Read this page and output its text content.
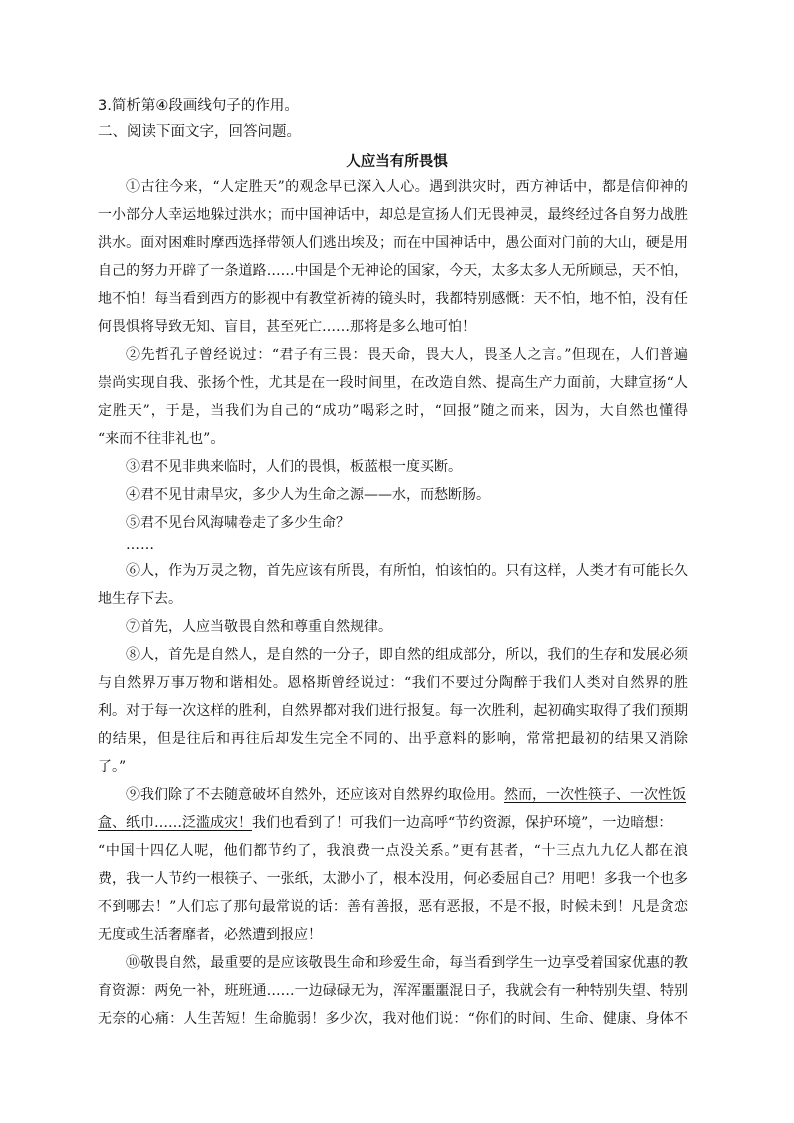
3.简析第④段画线句子的作用。
二、阅读下面文字，回答问题。
人应当有所畏惧
①古往今来，“人定胜天”的观念早已深入人心。遇到洪灾时，西方神话中，都是信仰神的
一小部分人幸运地躲过洪水；而中国神话中，却总是宣扬人们无畏神灵，最终经过各自努力战胜
洪水。面对困难时摩西选择带领人们逃出埃及；而在中国神话中，愚公面对门前的大山，硬是用
自己的努力开辟了一条道路……中国是个无神论的国家，今天，太多太多人无所顾忌，天不怕，
地不怕！每当看到西方的影视中有教堂祈祷的镜头时，我都特别感慨：天不怕，地不怕，没有任
何畏惧将导致无知、盲目，甚至死亡……那将是多么地可怕！
②先哲孔子曾经说过：“君子有三畏：畏天命，畏大人，畏圣人之言。”但现在，人们普遍
崇尚实现自我、张扬个性，尤其是在一段时间里，在改造自然、提高生产力面前，大肆宣扬“人
定胜天”，于是，当我们为自己的“成功”喝彩之时，“回报”随之而来，因为，大自然也懂得
“来而不往非礼也”。
③君不见非典来临时，人们的畏惧，板蓝根一度买断。
④君不见甘肃旱灾，多少人为生命之源——水，而愁断肠。
⑤君不见台风海啸卷走了多少生命？
……
⑥人，作为万灵之物，首先应该有所畏，有所怕，怕该怕的。只有这样，人类才有可能长久
地生存下去。
⑦首先，人应当敬畏自然和尊重自然规律。
⑧人，首先是自然人，是自然的一分子，即自然的组成部分，所以，我们的生存和发展必须
与自然界万事万物和谐相处。恩格斯曾经说过：“我们不要过分陶醉于我们人类对自然界的胜
利。对于每一次这样的胜利，自然界都对我们进行报复。每一次胜利，起初确实取得了我们预期
的结果，但是往后和再往后却发生完全不同的、出乎意料的影响，常常把最初的结果又消除
了。”
⑨我们除了不去随意破坏自然外，还应该对自然界约取俭用。然而，一次性筷子、一次性饭
盒、纸巾……泛滥成灾！我们也看到了！可我们一边高呼“节约资源，保护环境”，一边暗想：
“中国十四亿人呢，他们都节约了，我浪费一点没关系。”更有甚者，“十三点九九亿人都在浪
费，我一人节约一根筷子、一张纸，太渺小了，根本没用，何必委屈自己？用吧！多我一个也多
不到哪去！”人们忘了那句最常说的话：善有善报，恶有恶报，不是不报，时候未到！凡是贪恋
无度或生活奢靡者，必然遭到报应！
⑩敬畏自然，最重要的是应该敬畏生命和珍爱生命，每当看到学生一边享受着国家优惠的教
育资源：两免一补，班班通……一边碌碌无为，浑浑噩噩混日子，我就会有一种特别失望、特别
无奈的心痛：人生苦短！生命脆弱！多少次，我对他们说：“你们的时间、生命、健康、身体不
